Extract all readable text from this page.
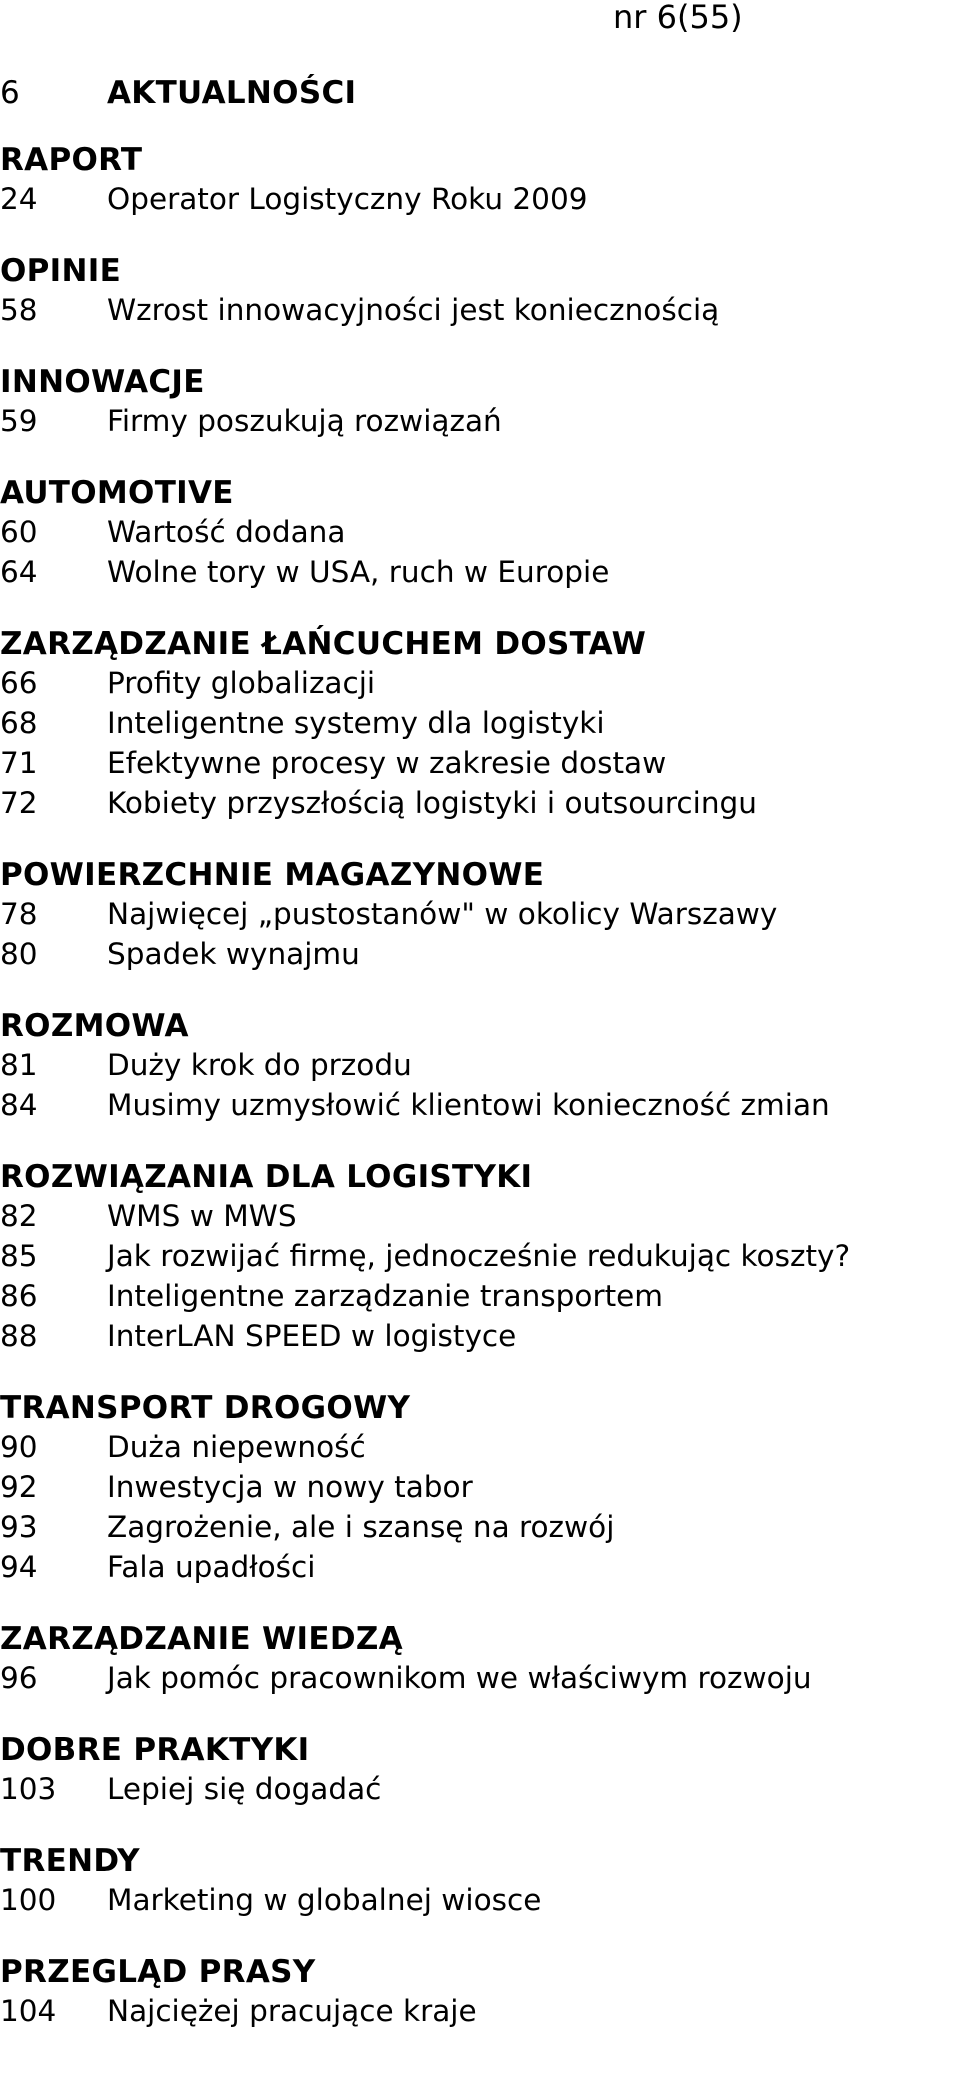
nr 6(55)
6	AKTUALNOŚCI
RAPORT
24	Operator Logistyczny Roku 2009
OPINIE
58	Wzrost innowacyjności jest koniecznością
INNOWACJE
59	Firmy poszukują rozwiązań
AUTOMOTIVE
60	Wartość dodana
64	Wolne tory w USA, ruch w Europie
ZARZĄDZANIE ŁAŃCUCHEM DOSTAW
66	Profity globalizacji
68	Inteligentne systemy dla logistyki
71	Efektywne procesy w zakresie dostaw
72	Kobiety przyszłością logistyki i outsourcingu
POWIERZCHNIE MAGAZYNOWE
78	Najwięcej „pustostanów" w okolicy Warszawy
80	Spadek wynajmu
ROZMOWA
81	Duży krok do przodu
84	Musimy uzmysłowić klientowi konieczność zmian
ROZWIĄZANIA DLA LOGISTYKI
82	WMS w MWS
85	Jak rozwijać firmę, jednocześnie redukując koszty?
86	Inteligentne zarządzanie transportem
88	InterLAN SPEED w logistyce
TRANSPORT DROGOWY
90	Duża niepewność
92	Inwestycja w nowy tabor
93	Zagrożenie, ale i szansę na rozwój
94	Fala upadłości
ZARZĄDZANIE WIEDZĄ
96	Jak pomóc pracownikom we właściwym rozwoju
DOBRE PRAKTYKI
103	Lepiej się dogadać
TRENDY
100	Marketing w globalnej wiosce
PRZEGLĄD PRASY
104	Najciężej pracujące kraje
